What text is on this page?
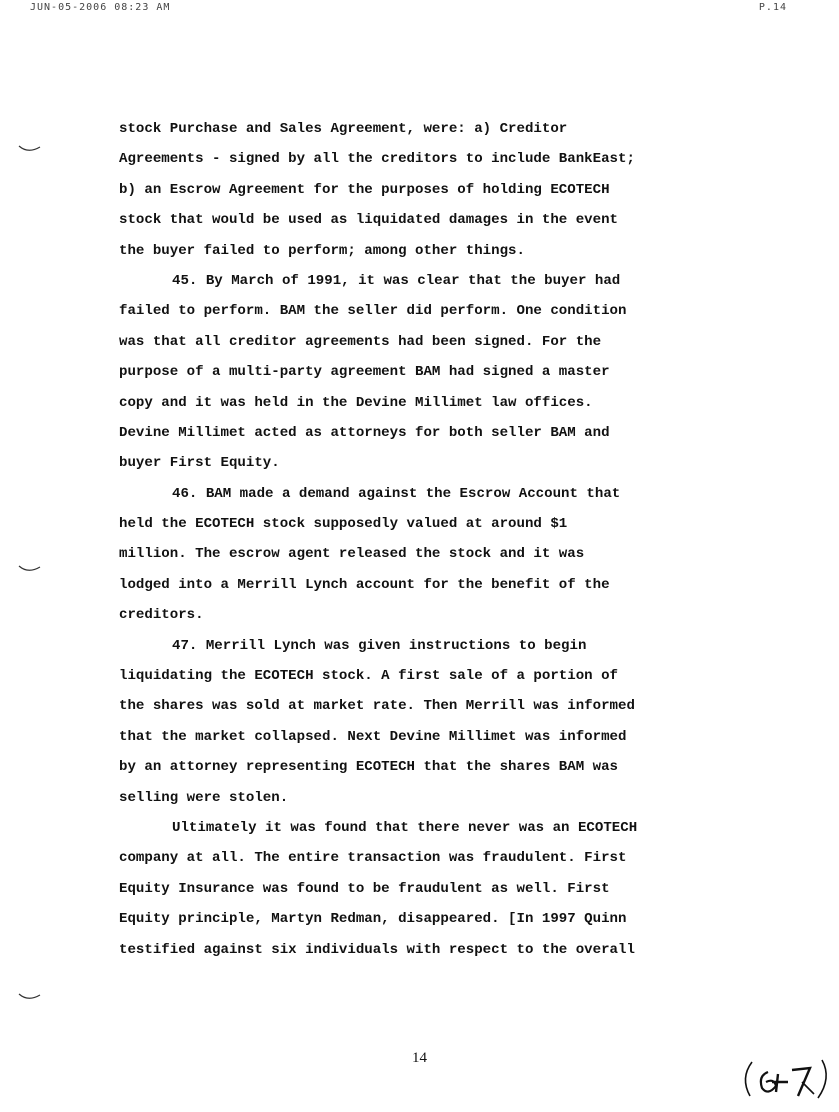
JUN-05-2006 08:23 AM	P.14
stock Purchase and Sales Agreement, were: a) Creditor
Agreements - signed by all the creditors to include BankEast;
b) an Escrow Agreement for the purposes of holding ECOTECH
stock that would be used as liquidated damages in the event
the buyer failed to perform; among other things.
45. By March of 1991, it was clear that the buyer had
failed to perform. BAM the seller did perform. One condition
was that all creditor agreements had been signed. For the
purpose of a multi-party agreement BAM had signed a master
copy and it was held in the Devine Millimet law offices.
Devine Millimet acted as attorneys for both seller BAM and
buyer First Equity.
46. BAM made a demand against the Escrow Account that
held the ECOTECH stock supposedly valued at around $1
million. The escrow agent released the stock and it was
lodged into a Merrill Lynch account for the benefit of the
creditors.
47. Merrill Lynch was given instructions to begin
liquidating the ECOTECH stock. A first sale of a portion of
the shares was sold at market rate. Then Merrill was informed
that the market collapsed. Next Devine Millimet was informed
by an attorney representing ECOTECH that the shares BAM was
selling were stolen.
Ultimately it was found that there never was an ECOTECH
company at all. The entire transaction was fraudulent. First
Equity Insurance was found to be fraudulent as well. First
Equity principle, Martyn Redman, disappeared. [In 1997 Quinn
testified against six individuals with respect to the overall
14
